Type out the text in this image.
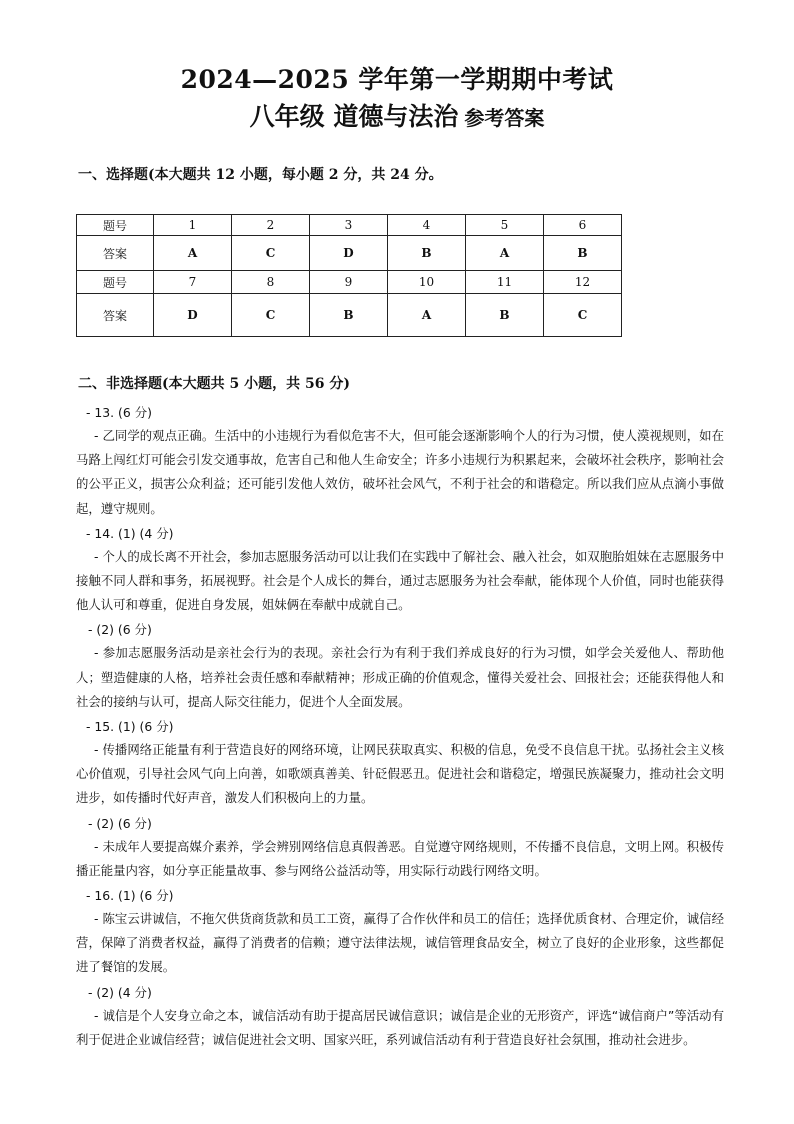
2024—2025 学年第一学期期中考试
八年级 道德与法治 参考答案
一、选择题(本大题共 12 小题，每小题 2 分，共 24 分。
题号	1	2	3	4	5	6
答案	A	C	D	B	A	B
题号	7	8	9	10	11	12
答案	D	C	B	A	B	C
二、非选择题(本大题共 5 小题，共 56 分)
- 13. (6 分)
- 乙同学的观点正确。生活中的小违规行为看似危害不大，但可能会逐渐影响个人的行为习惯，使人漠视规则，如在马路上闯红灯可能会引发交通事故，危害自己和他人生命安全；许多小违规行为积累起来，会破坏社会秩序，影响社会的公平正义，损害公众利益；还可能引发他人效仿，破坏社会风气，不利于社会的和谐稳定。所以我们应从点滴小事做起，遵守规则。
- 14. (1) (4 分)
- 个人的成长离不开社会，参加志愿服务活动可以让我们在实践中了解社会、融入社会，如双胞胎姐妹在志愿服务中接触不同人群和事务，拓展视野。社会是个人成长的舞台，通过志愿服务为社会奉献，能体现个人价值，同时也能获得他人认可和尊重，促进自身发展，姐妹俩在奉献中成就自己。
- (2) (6 分)
- 参加志愿服务活动是亲社会行为的表现。亲社会行为有利于我们养成良好的行为习惯，如学会关爱他人、帮助他人；塑造健康的人格，培养社会责任感和奉献精神；形成正确的价值观念，懂得关爱社会、回报社会；还能获得他人和社会的接纳与认可，提高人际交往能力，促进个人全面发展。
- 15. (1) (6 分)
- 传播网络正能量有利于营造良好的网络环境，让网民获取真实、积极的信息，免受不良信息干扰。弘扬社会主义核心价值观，引导社会风气向上向善，如歌颂真善美、针砭假恶丑。促进社会和谐稳定，增强民族凝聚力，推动社会文明进步，如传播时代好声音，激发人们积极向上的力量。
- (2) (6 分)
- 未成年人要提高媒介素养，学会辨别网络信息真假善恶。自觉遵守网络规则，不传播不良信息，文明上网。积极传播正能量内容，如分享正能量故事、参与网络公益活动等，用实际行动践行网络文明。
- 16. (1) (6 分)
- 陈宝云讲诚信，不拖欠供货商货款和员工工资，赢得了合作伙伴和员工的信任；选择优质食材、合理定价，诚信经营，保障了消费者权益，赢得了消费者的信赖；遵守法律法规，诚信管理食品安全，树立了良好的企业形象，这些都促进了餐馆的发展。
- (2) (4 分)
- 诚信是个人安身立命之本，诚信活动有助于提高居民诚信意识；诚信是企业的无形资产，评选“诚信商户”等活动有利于促进企业诚信经营；诚信促进社会文明、国家兴旺，系列诚信活动有利于营造良好社会氛围，推动社会进步。
